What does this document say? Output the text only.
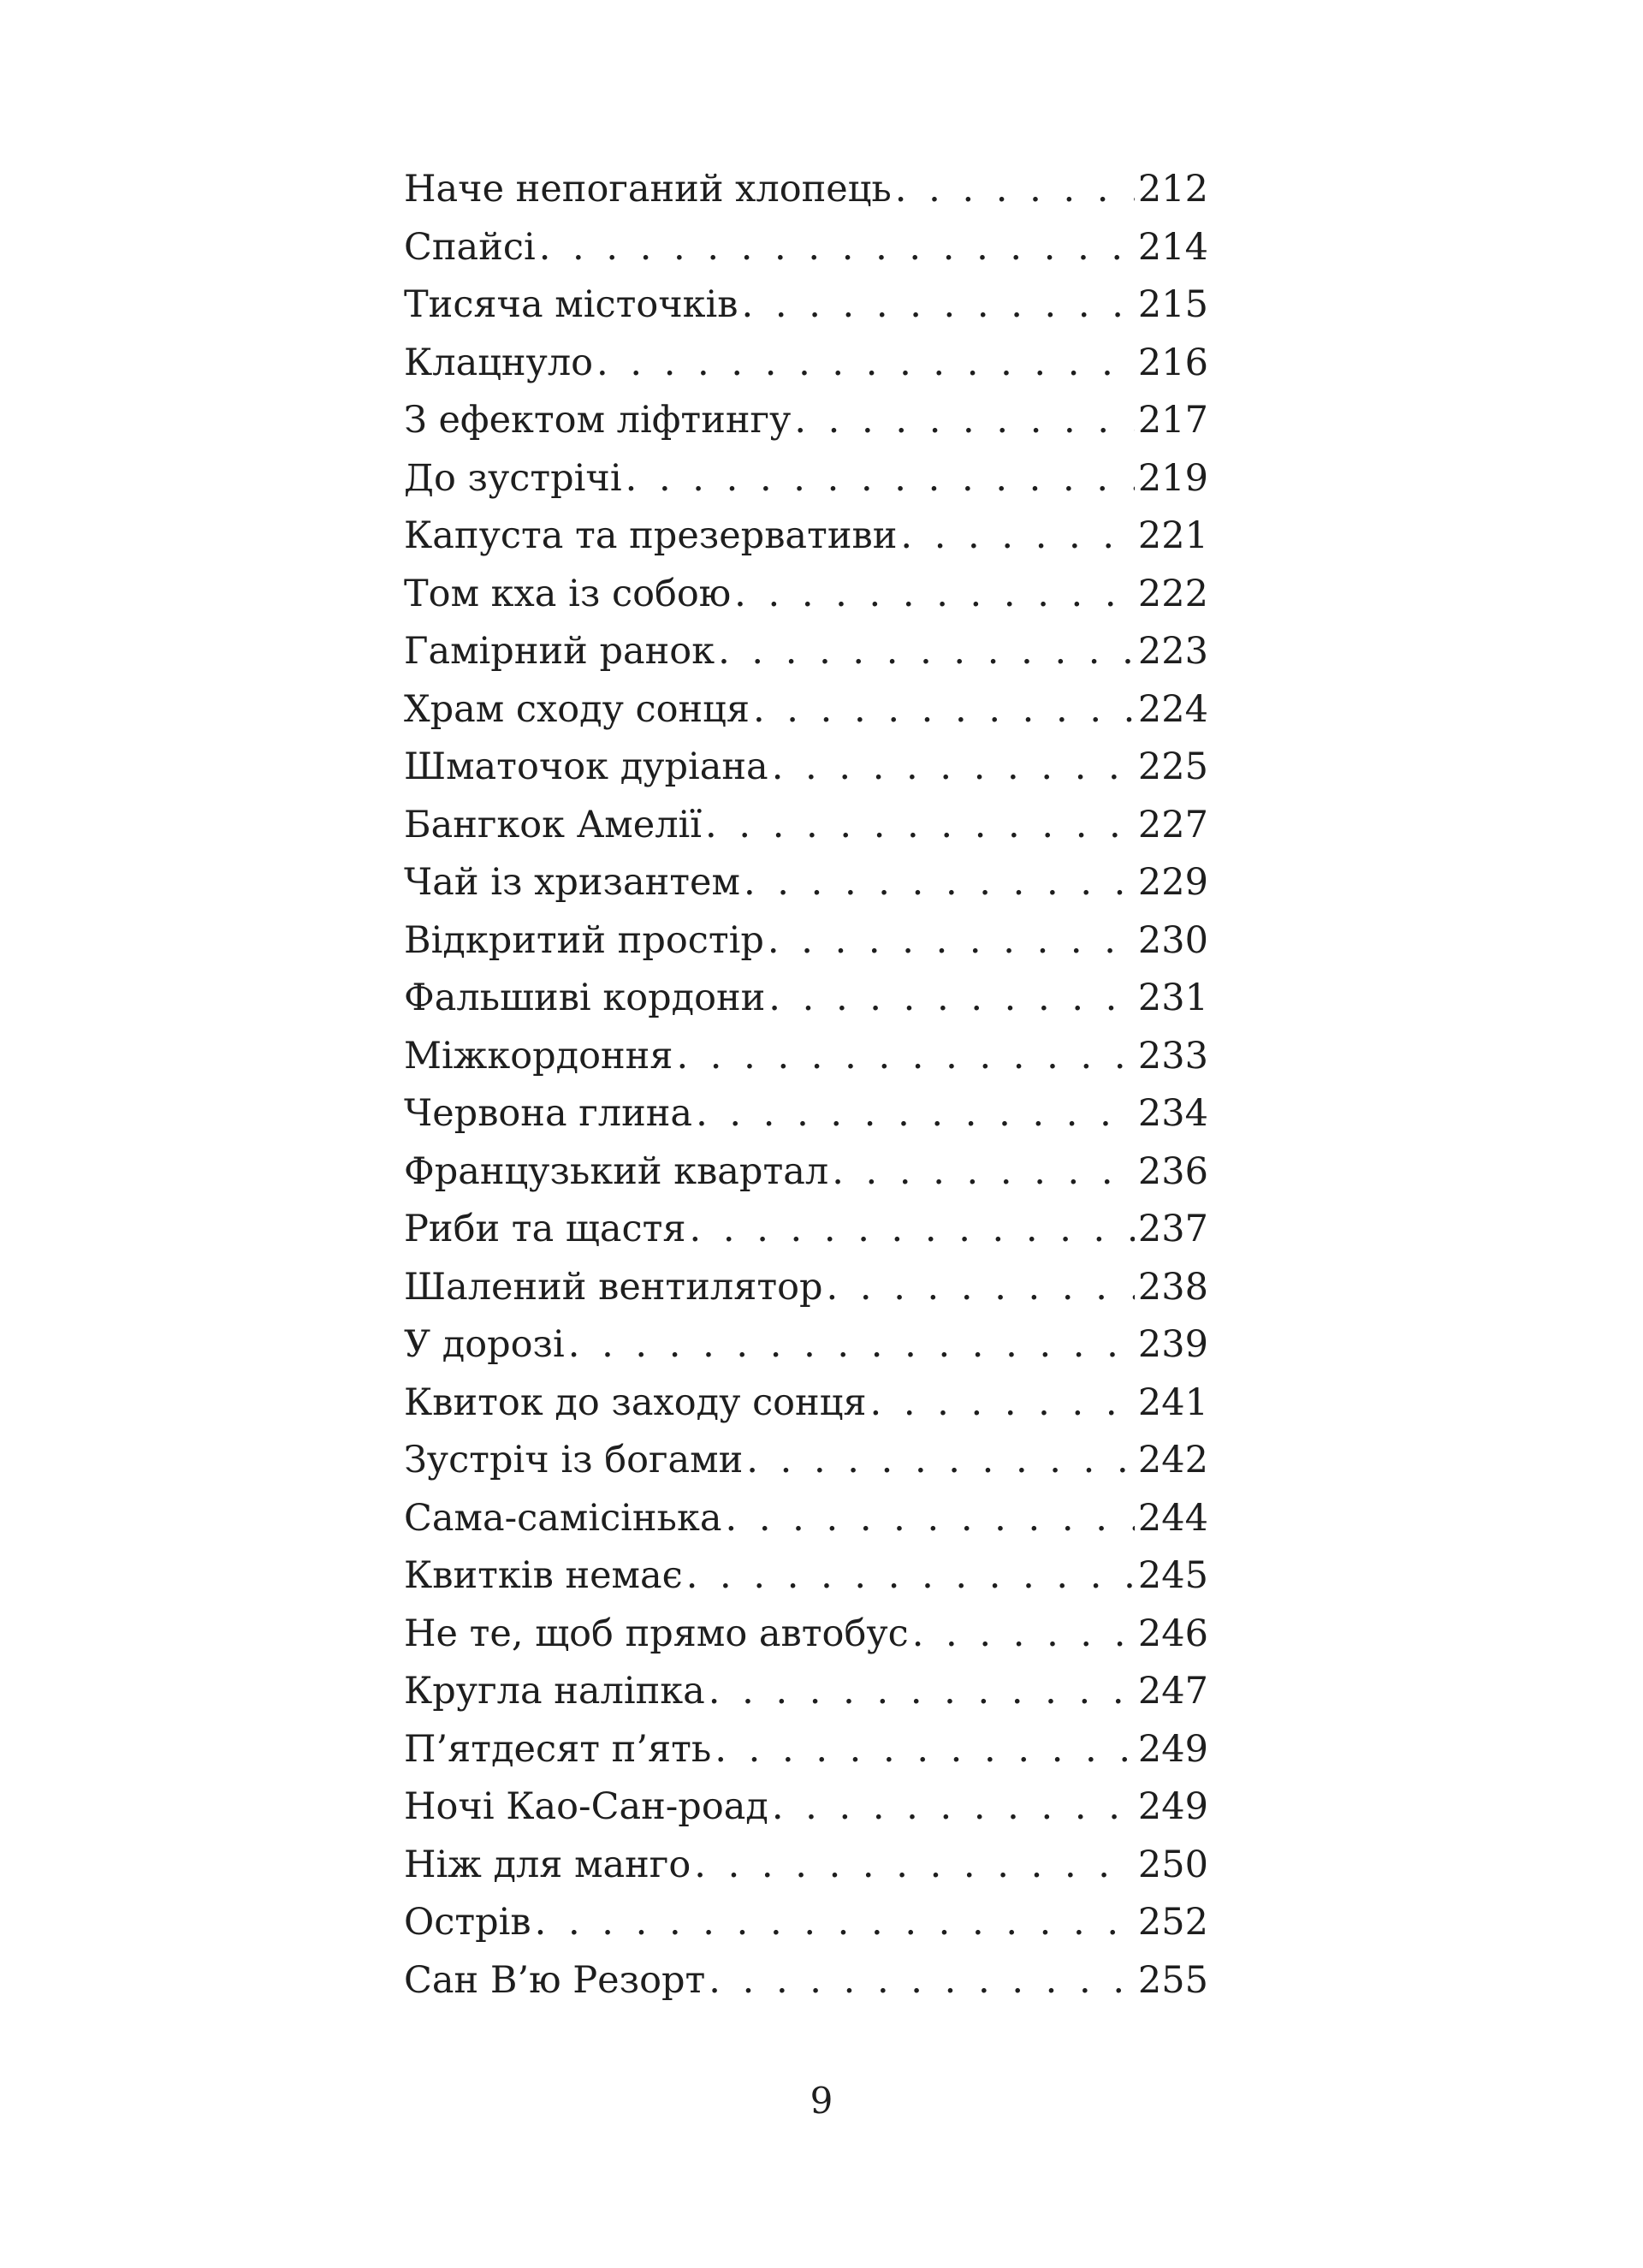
Наче непоганий хлопець . . .	212
Спайсі . . .	214
Тисяча місточків . . .	215
Клацнуло . . .	216
З ефектом ліфтингу . . .	217
До зустрічі . . .	219
Капуста та презервативи . . .	221
Том кха із собою . . .	222
Гамірний ранок . . .	223
Храм сходу сонця . . .	224
Шматочок дуріана . . .	225
Бангкок Амелії . . .	227
Чай із хризантем . . .	229
Відкритий простір . . .	230
Фальшиві кордони . . .	231
Міжкордоння . . .	233
Червона глина . . .	234
Французький квартал . . .	236
Риби та щастя . . .	237
Шалений вентилятор . . .	238
У дорозі . . .	239
Квиток до заходу сонця . . .	241
Зустріч із богами . . .	242
Сама-самісінька . . .	244
Квитків немає . . .	245
Не те, щоб прямо автобус . . .	246
Кругла наліпка . . .	247
П’ятдесят п’ять . . .	249
Ночі Као-Сан-роад . . .	249
Ніж для манго . . .	250
Острів . . .	252
Сан В’ю Резорт . . .	255
9
